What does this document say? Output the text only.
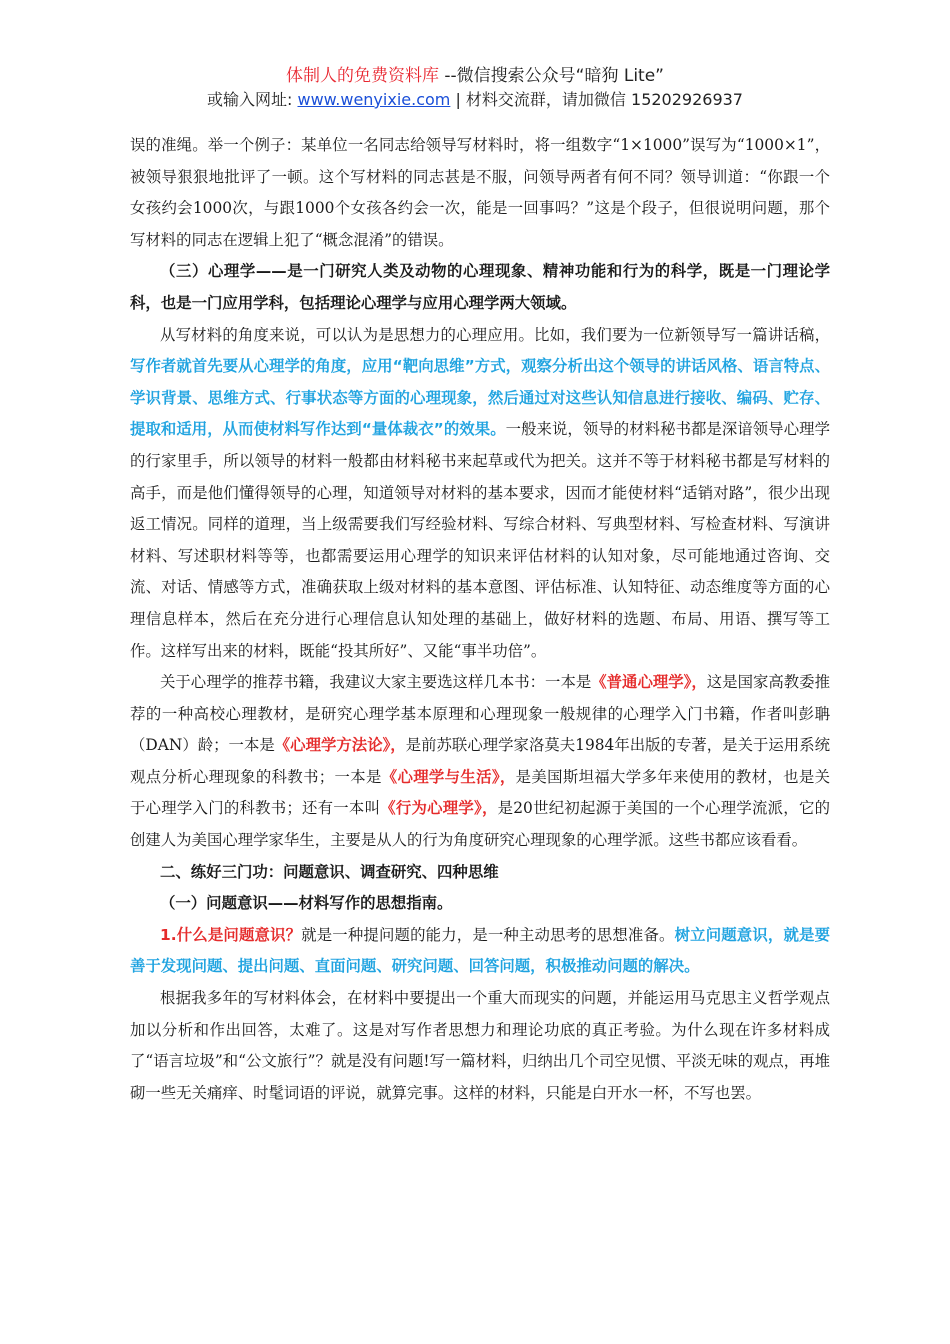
体制人的免费资料库 --微信搜索公众号“暗狗 Lite”
或输入网址: www.wenyixie.com | 材料交流群，请加微信 15202926937

误的准绳。举一个例子：某单位一名同志给领导写材料时，将一组数字“1×1000”误写为“1000×1”，被领导狠狠地批评了一顿。这个写材料的同志甚是不服，问领导两者有何不同？领导训道：“你跟一个女孩约会1000次，与跟1000个女孩各约会一次，能是一回事吗？”这是个段子，但很说明问题，那个写材料的同志在逻辑上犯了“概念混淆”的错误。

（三）心理学——是一门研究人类及动物的心理现象、精神功能和行为的科学，既是一门理论学科，也是一门应用学科，包括理论心理学与应用心理学两大领域。

从写材料的角度来说，可以认为是思想力的心理应用。比如，我们要为一位新领导写一篇讲话稿，写作者就首先要从心理学的角度，应用“靶向思维”方式，观察分析出这个领导的讲话风格、语言特点、学识背景、思维方式、行事状态等方面的心理现象，然后通过对这些认知信息进行接收、编码、贮存、提取和适用，从而使材料写作达到“量体裁衣”的效果。一般来说，领导的材料秘书都是深谙领导心理学的行家里手，所以领导的材料一般都由材料秘书来起草或代为把关。这并不等于材料秘书都是写材料的高手，而是他们懂得领导的心理，知道领导对材料的基本要求，因而才能使材料“适销对路”，很少出现返工情况。同样的道理，当上级需要我们写经验材料、写综合材料、写典型材料、写检查材料、写演讲材料、写述职材料等等，也都需要运用心理学的知识来评估材料的认知对象，尽可能地通过咨询、交流、对话、情感等方式，准确获取上级对材料的基本意图、评估标准、认知特征、动态维度等方面的心理信息样本，然后在充分进行心理信息认知处理的基础上，做好材料的选题、布局、用语、撰写等工作。这样写出来的材料，既能“投其所好”、又能“事半功倍”。

关于心理学的推荐书籍，我建议大家主要选这样几本书：一本是《普通心理学》，这是国家高教委推荐的一种高校心理教材，是研究心理学基本原理和心理现象一般规律的心理学入门书籍，作者叫彭聃（DAN）龄；一本是《心理学方法论》，是前苏联心理学家洛莫夫1984年出版的专著，是关于运用系统观点分析心理现象的科教书；一本是《心理学与生活》，是美国斯坦福大学多年来使用的教材，也是关于心理学入门的科教书；还有一本叫《行为心理学》，是20世纪初起源于美国的一个心理学流派，它的创建人为美国心理学家华生，主要是从人的行为角度研究心理现象的心理学派。这些书都应该看看。

二、练好三门功：问题意识、调查研究、四种思维

（一）问题意识——材料写作的思想指南。

1.什么是问题意识？就是一种提问题的能力，是一种主动思考的思想准备。树立问题意识，就是要善于发现问题、提出问题、直面问题、研究问题、回答问题，积极推动问题的解决。

根据我多年的写材料体会，在材料中要提出一个重大而现实的问题，并能运用马克思主义哲学观点加以分析和作出回答，太难了。这是对写作者思想力和理论功底的真正考验。为什么现在许多材料成了“语言垃圾”和“公文旅行”？就是没有问题!写一篇材料，归纳出几个司空见惯、平淡无味的观点，再堆砌一些无关痛痒、时髦词语的评说，就算完事。这样的材料，只能是白开水一杯，不写也罢。
